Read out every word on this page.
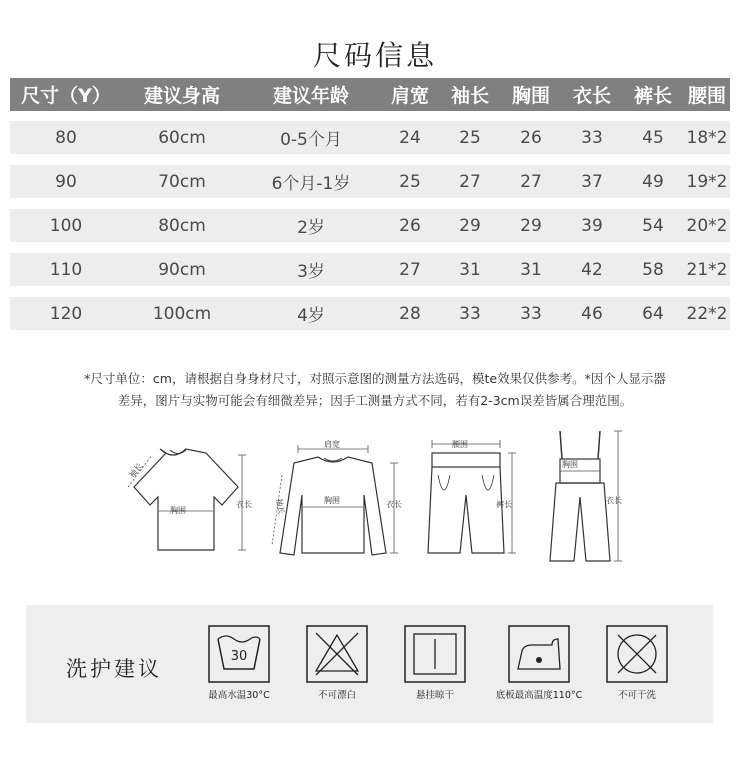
尺码信息
尺寸（Y）	建议身高	建议年龄	肩宽	袖长	胸围	衣长	裤长 腰围
80	60cm	0-5个月	24	25	26	33	45	18*2
90	70cm	6个月-1岁	25	27	27	37	49	19*2
100	80cm	2岁	26	29	29	39	54	20*2
110	90cm	3岁	27	31	31	42	58	21*2
120	100cm	4岁	28	33	33	46	64	22*2
*尺寸单位：cm，请根据自身身材尺寸，对照示意图的测量方法选码，模te效果仅供参考。*因个人显示器
差异，图片与实物可能会有细微差异；因手工测量方式不同，若有2-3cm误差皆属合理范围。
袖长
胸围
衣长
肩宽
袖长	胸围	衣长
腰围
裤长
胸围
衣长
洗护建议
30
最高水温30°C	不可漂白	悬挂晾干	底板最高温度110°C	不可干洗
